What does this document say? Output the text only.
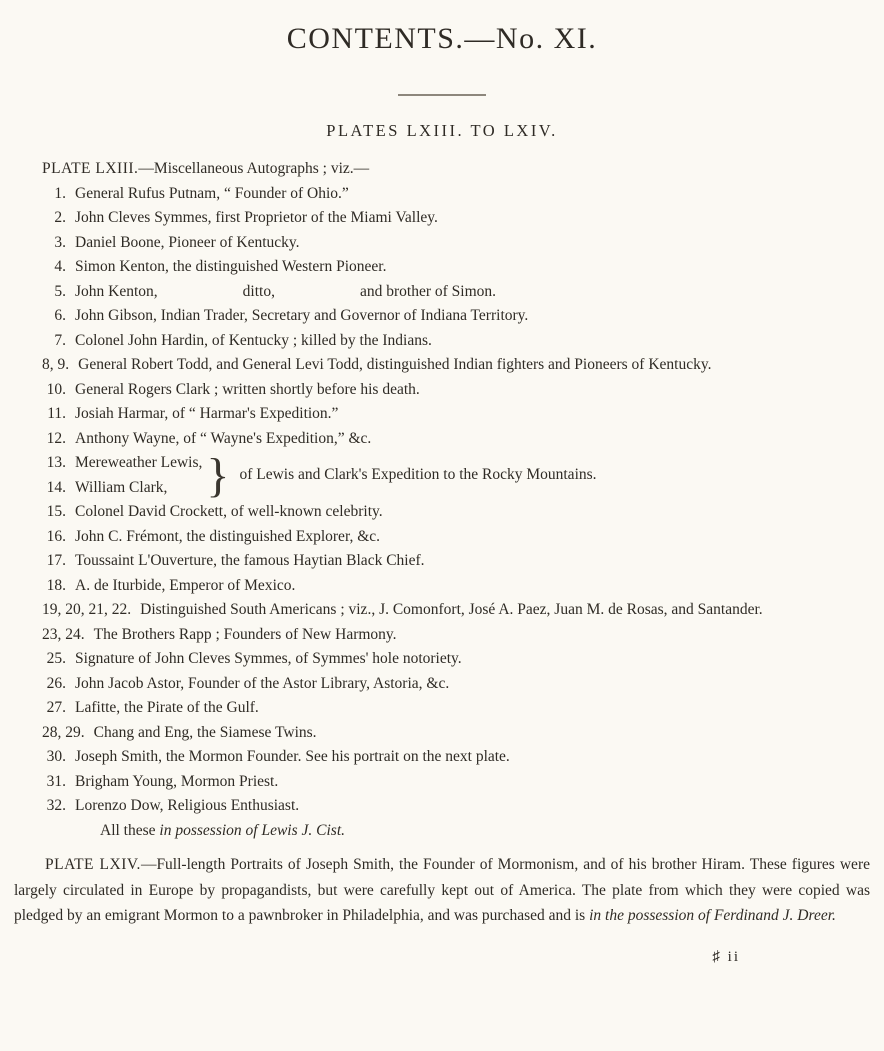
CONTENTS.—No. XI.
PLATES LXIII. TO LXIV.

PLATE LXIII.—Miscellaneous Autographs ; viz.—

1. General Rufus Putnam, “ Founder of Ohio.”
2. John Cleves Symmes, first Proprietor of the Miami Valley.
3. Daniel Boone, Pioneer of Kentucky.
4. Simon Kenton, the distinguished Western Pioneer.
5. John Kenton,	ditto,	and brother of Simon.
6. John Gibson, Indian Trader, Secretary and Governor of Indiana Territory.
7. Colonel John Hardin, of Kentucky ; killed by the Indians.
8, 9. General Robert Todd, and General Levi Todd, distinguished Indian fighters and Pioneers of Kentucky.
10. General Rogers Clark ; written shortly before his death.
11. Josiah Harmar, of “ Harmar's Expedition.”
12. Anthony Wayne, of “ Wayne's Expedition,” &c.
13. Mereweather Lewis,
14. William Clark, } of Lewis and Clark's Expedition to the Rocky Mountains.
15. Colonel David Crockett, of well-known celebrity.
16. John C. Frémont, the distinguished Explorer, &c.
17. Toussaint L'Ouverture, the famous Haytian Black Chief.
18. A. de Iturbide, Emperor of Mexico.
19, 20, 21, 22. Distinguished South Americans ; viz., J. Comonfort, José A. Paez, Juan M. de Rosas, and Santander.
23, 24. The Brothers Rapp ; Founders of New Harmony.
25. Signature of John Cleves Symmes, of Symmes' hole notoriety.
26. John Jacob Astor, Founder of the Astor Library, Astoria, &c.
27. Lafitte, the Pirate of the Gulf.
28, 29. Chang and Eng, the Siamese Twins.
30. Joseph Smith, the Mormon Founder. See his portrait on the next plate.
31. Brigham Young, Mormon Priest.
32. Lorenzo Dow, Religious Enthusiast.

All these in possession of Lewis J. Cist.

PLATE LXIV.—Full-length Portraits of Joseph Smith, the Founder of Mormonism, and of his brother Hiram. These figures were largely circulated in Europe by propagandists, but were carefully kept out of America. The plate from which they were copied was pledged by an emigrant Mormon to a pawnbroker in Philadelphia, and was purchased and is in the possession of Ferdinand J. Dreer.

♯ ii
